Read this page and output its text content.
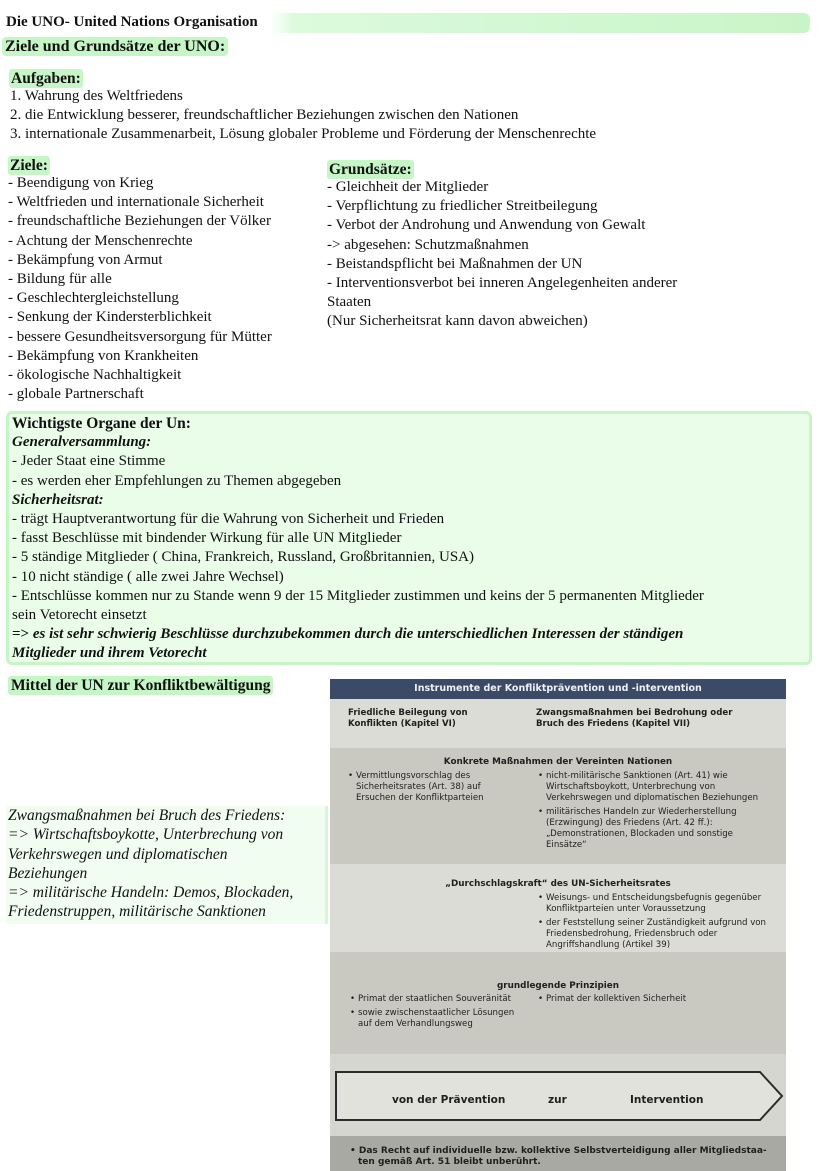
Die UNO- United Nations Organisation
Ziele und Grundsätze der UNO:
Aufgaben:
1. Wahrung des Weltfriedens
2. die Entwicklung besserer, freundschaftlicher Beziehungen zwischen den Nationen
3. internationale Zusammenarbeit, Lösung globaler Probleme und Förderung der Menschenrechte
Ziele:
- Beendigung von Krieg
- Weltfrieden und internationale Sicherheit
- freundschaftliche Beziehungen der Völker
- Achtung der Menschenrechte
- Bekämpfung von Armut
- Bildung für alle
- Geschlechtergleichstellung
- Senkung der Kindersterblichkeit
- bessere Gesundheitsversorgung für Mütter
- Bekämpfung von Krankheiten
- ökologische Nachhaltigkeit
- globale Partnerschaft
Grundsätze:
- Gleichheit der Mitglieder
- Verpflichtung zu friedlicher Streitbeilegung
- Verbot der Androhung und Anwendung von Gewalt
-> abgesehen: Schutzmaßnahmen
- Beistandspflicht bei Maßnahmen der UN
- Interventionsverbot bei inneren Angelegenheiten anderer
Staaten
(Nur Sicherheitsrat kann davon abweichen)
Wichtigste Organe der Un:
Generalversammlung:
- Jeder Staat eine Stimme
- es werden eher Empfehlungen zu Themen abgegeben
Sicherheitsrat:
- trägt Hauptverantwortung für die Wahrung von Sicherheit und Frieden
- fasst Beschlüsse mit bindender Wirkung für alle UN Mitglieder
- 5 ständige Mitglieder ( China, Frankreich, Russland, Großbritannien, USA)
- 10 nicht ständige ( alle zwei Jahre Wechsel)
- Entschlüsse kommen nur zu Stande wenn 9 der 15 Mitglieder zustimmen und keins der 5 permanenten Mitglieder
sein Vetorecht einsetzt
=> es ist sehr schwierig Beschlüsse durchzubekommen durch die unterschiedlichen Interessen der ständigen
Mitglieder und ihrem Vetorecht
Mittel der UN zur Konfliktbewältigung
Zwangsmaßnahmen bei Bruch des Friedens:
=> Wirtschaftsboykotte, Unterbrechung von
Verkehrswegen und diplomatischen
Beziehungen
=> militärische Handeln: Demos, Blockaden,
Friedenstruppen, militärische Sanktionen
Instrumente der Konfliktprävention und -intervention
Friedliche Beilegung von
Konflikten (Kapitel VI)
Zwangsmaßnahmen bei Bedrohung oder
Bruch des Friedens (Kapitel VII)
Konkrete Maßnahmen der Vereinten Nationen
• Vermittlungsvorschlag des Sicherheitsrates (Art. 38) auf Ersuchen der Konfliktparteien
• nicht-militärische Sanktionen (Art. 41) wie Wirtschaftsboykott, Unterbrechung von Verkehrswegen und diplomatischen Beziehungen
• militärisches Handeln zur Wiederherstellung (Erzwingung) des Friedens (Art. 42 ff.): „Demonstrationen, Blockaden und sonstige Einsätze“
„Durchschlagskraft“ des UN-Sicherheitsrates
• Weisungs- und Entscheidungsbefugnis gegenüber Konfliktparteien unter Voraussetzung
• der Feststellung seiner Zuständigkeit aufgrund von Friedensbedrohung, Friedensbruch oder Angriffshandlung (Artikel 39)
grundlegende Prinzipien
• Primat der staatlichen Souveränität
• sowie zwischenstaatlicher Lösungen auf dem Verhandlungsweg
• Primat der kollektiven Sicherheit
von der Prävention	zur	Intervention
• Das Recht auf individuelle bzw. kollektive Selbstverteidigung aller Mitgliedstaa-
ten gemäß Art. 51 bleibt unberührt.
